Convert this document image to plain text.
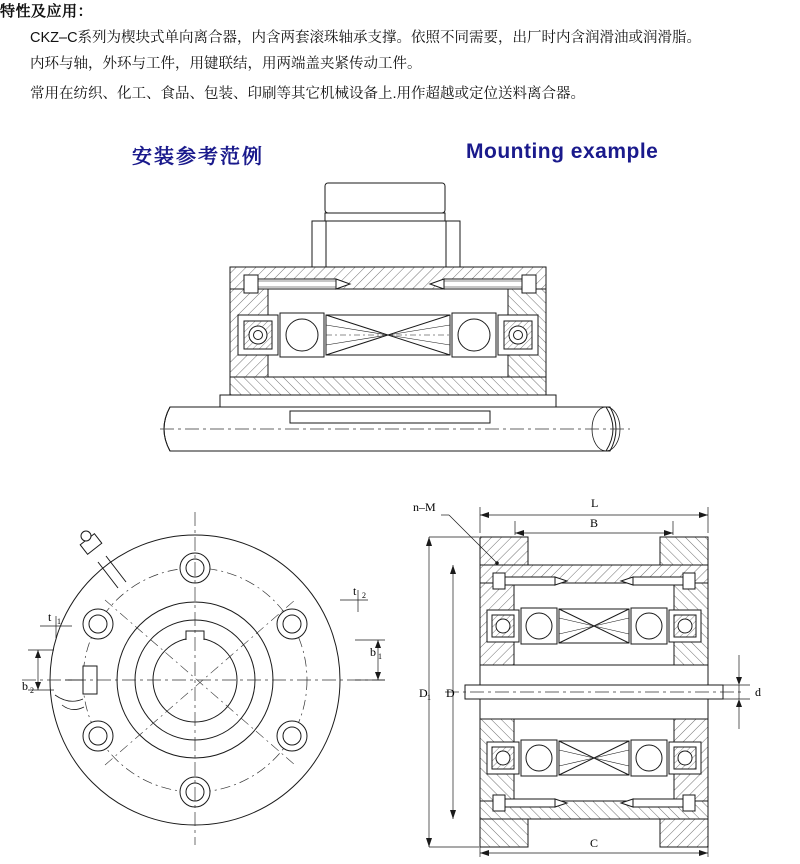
特性及应用：
CKZ–C系列为楔块式单向离合器，内含两套滚珠轴承支撑。依照不同需要，出厂时内含润滑油或润滑脂。
内环与轴，外环与工件，用键联结，用两端盖夹紧传动工件。
常用在纺织、化工、食品、包装、印刷等其它机械设备上.用作超越或定位送料离合器。
安装参考范例	Mounting example
t 2
t 1
b 1
b 2
n–M	L
B
C
D
D 1	d
